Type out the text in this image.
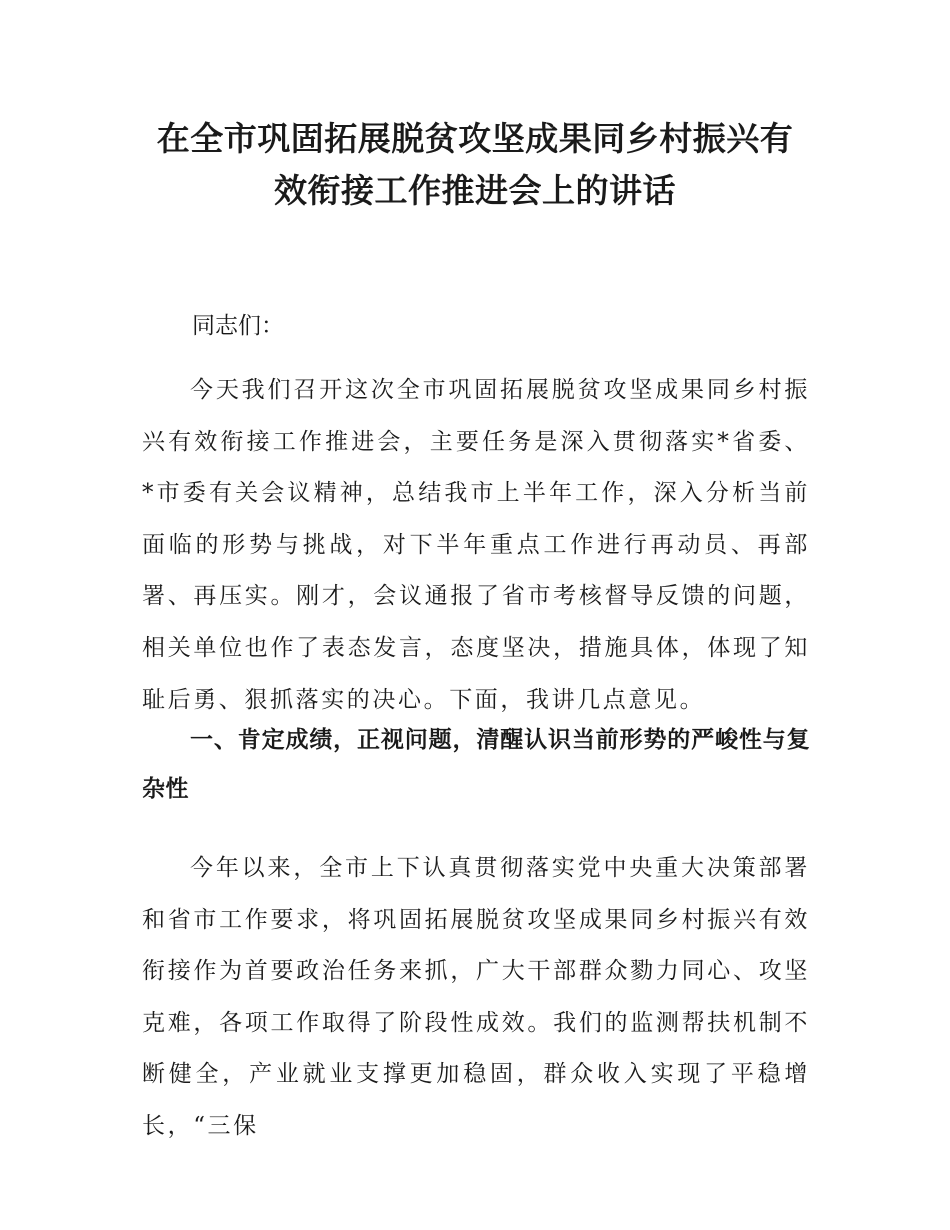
在全市巩固拓展脱贫攻坚成果同乡村振兴有
效衔接工作推进会上的讲话

同志们：

今天我们召开这次全市巩固拓展脱贫攻坚成果同乡村振兴有效衔接工作推进会，主要任务是深入贯彻落实*省委、*市委有关会议精神，总结我市上半年工作，深入分析当前面临的形势与挑战，对下半年重点工作进行再动员、再部署、再压实。刚才，会议通报了省市考核督导反馈的问题，相关单位也作了表态发言，态度坚决，措施具体，体现了知耻后勇、狠抓落实的决心。下面，我讲几点意见。

一、肯定成绩，正视问题，清醒认识当前形势的严峻性与复杂性

今年以来，全市上下认真贯彻落实党中央重大决策部署和省市工作要求，将巩固拓展脱贫攻坚成果同乡村振兴有效衔接作为首要政治任务来抓，广大干部群众勠力同心、攻坚克难，各项工作取得了阶段性成效。我们的监测帮扶机制不断健全，产业就业支撑更加稳固，群众收入实现了平稳增长，“三保
